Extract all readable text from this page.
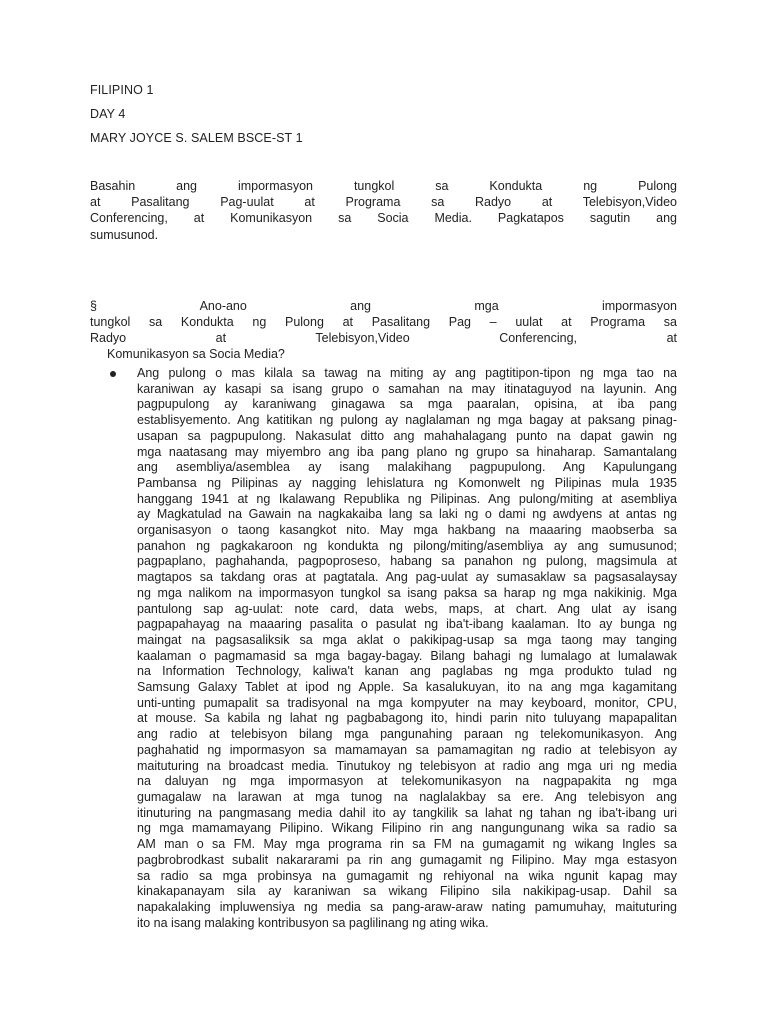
FILIPINO 1
DAY 4
MARY JOYCE S. SALEM BSCE-ST 1
Basahin ang impormasyon tungkol sa Kondukta ng Pulong
at Pasalitang Pag-uulat at Programa sa Radyo at Telebisyon,Video
Conferencing, at Komunikasyon sa Socia Media. Pagkatapos sagutin ang
sumusunod.
§ Ano-ano ang mga impormasyon
tungkol sa Kondukta ng Pulong at Pasalitang Pag – uulat at Programa sa
Radyo at Telebisyon,Video Conferencing, at
Komunikasyon sa Socia Media?
Ang pulong o mas kilala sa tawag na miting ay ang pagtitipon-tipon ng mga tao na
karaniwan ay kasapi sa isang grupo o samahan na may itinataguyod na layunin. Ang
pagpupulong ay karaniwang ginagawa sa mga paaralan, opisina, at iba pang
establisyemento. Ang katitikan ng pulong ay naglalaman ng mga bagay at paksang pinag-
usapan sa pagpupulong. Nakasulat ditto ang mahahalagang punto na dapat gawin ng
mga naatasang may miyembro ang iba pang plano ng grupo sa hinaharap. Samantalang
ang asembliya/asemblea ay isang malakihang pagpupulong. Ang Kapulungang
Pambansa ng Pilipinas ay nagging lehislatura ng Komonwelt ng Pilipinas mula 1935
hanggang 1941 at ng Ikalawang Republika ng Pilipinas. Ang pulong/miting at asembliya
ay Magkatulad na Gawain na nagkakaiba lang sa laki ng o dami ng awdyens at antas ng
organisasyon o taong kasangkot nito. May mga hakbang na maaaring maobserba sa
panahon ng pagkakaroon ng kondukta ng pilong/miting/asembliya ay ang sumusunod;
pagpaplano, paghahanda, pagpoproseso, habang sa panahon ng pulong, magsimula at
magtapos sa takdang oras at pagtatala. Ang pag-uulat ay sumasaklaw sa pagsasalaysay
ng mga nalikom na impormasyon tungkol sa isang paksa sa harap ng mga nakikinig. Mga
pantulong sap ag-uulat: note card, data webs, maps, at chart. Ang ulat ay isang
pagpapahayag na maaaring pasalita o pasulat ng iba't-ibang kaalaman. Ito ay bunga ng
maingat na pagsasaliksik sa mga aklat o pakikipag-usap sa mga taong may tanging
kaalaman o pagmamasid sa mga bagay-bagay. Bilang bahagi ng lumalago at lumalawak
na Information Technology, kaliwa't kanan ang paglabas ng mga produkto tulad ng
Samsung Galaxy Tablet at ipod ng Apple. Sa kasalukuyan, ito na ang mga kagamitang
unti-unting pumapalit sa tradisyonal na mga kompyuter na may keyboard, monitor, CPU,
at mouse. Sa kabila ng lahat ng pagbabagong ito, hindi parin nito tuluyang mapapalitan
ang radio at telebisyon bilang mga pangunahing paraan ng telekomunikasyon. Ang
paghahatid ng impormasyon sa mamamayan sa pamamagitan ng radio at telebisyon ay
maituturing na broadcast media. Tinutukoy ng telebisyon at radio ang mga uri ng media
na daluyan ng mga impormasyon at telekomunikasyon na nagpapakita ng mga
gumagalaw na larawan at mga tunog na naglalakbay sa ere. Ang telebisyon ang
itinuturing na pangmasang media dahil ito ay tangkilik sa lahat ng tahan ng iba't-ibang uri
ng mga mamamayang Pilipino. Wikang Filipino rin ang nangungunang wika sa radio sa
AM man o sa FM. May mga programa rin sa FM na gumagamit ng wikang Ingles sa
pagbrobrodkast subalit nakararami pa rin ang gumagamit ng Filipino. May mga estasyon
sa radio sa mga probinsya na gumagamit ng rehiyonal na wika ngunit kapag may
kinakapanayam sila ay karaniwan sa wikang Filipino sila nakikipag-usap. Dahil sa
napakalaking impluwensiya ng media sa pang-araw-araw nating pamumuhay, maituturing
ito na isang malaking kontribusyon sa paglilinang ng ating wika.
